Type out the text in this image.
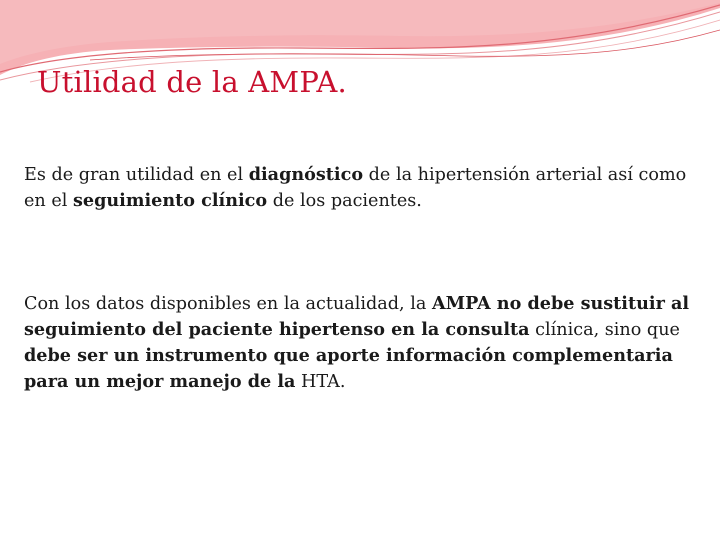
Utilidad de la AMPA.

Es de gran utilidad en el diagnóstico de la hipertensión arterial así como en el seguimiento clínico de los pacientes.

Con los datos disponibles en la actualidad, la AMPA no debe sustituir al seguimiento del paciente hipertenso en la consulta clínica, sino que debe ser un instrumento que aporte información complementaria para un mejor manejo de la HTA.
